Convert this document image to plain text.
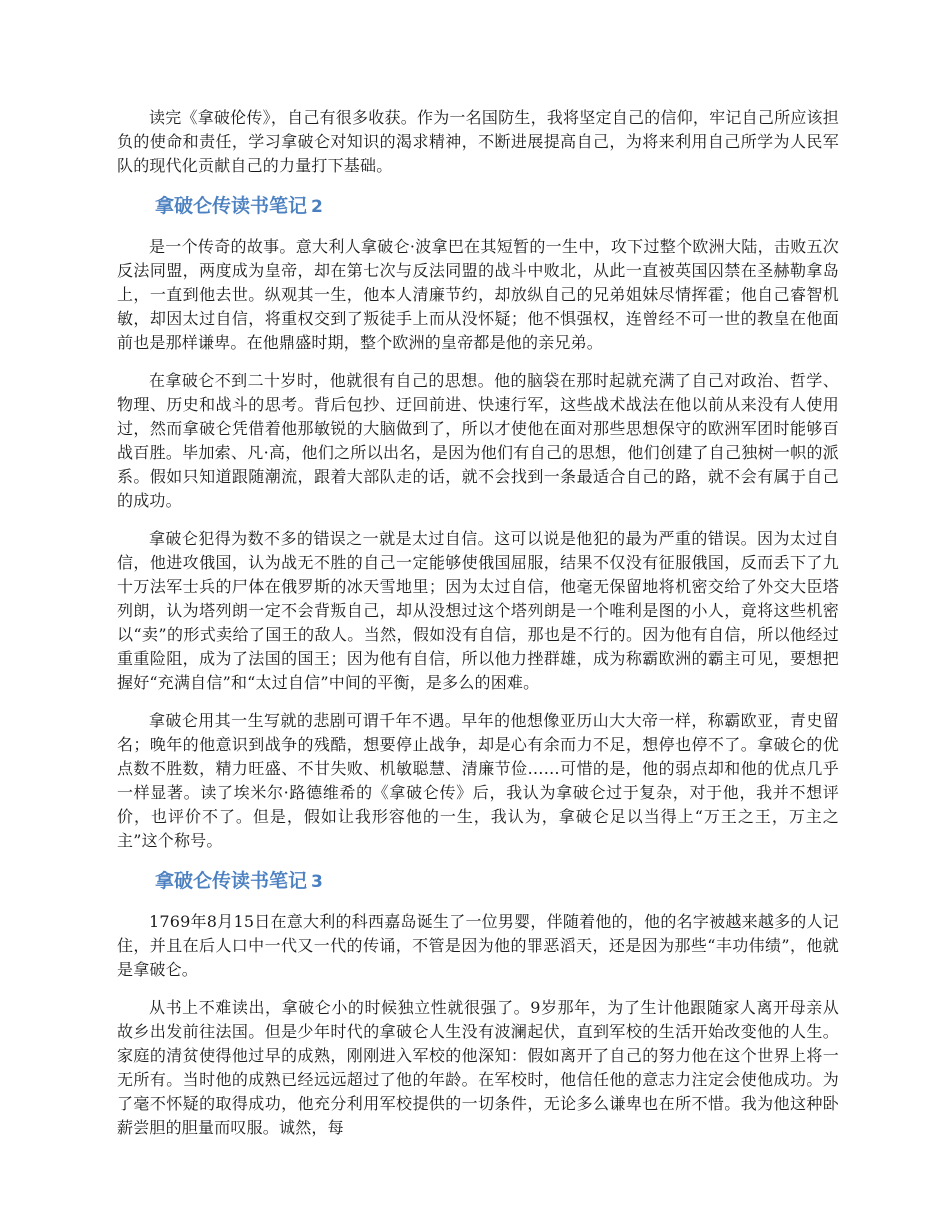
读完《拿破伦传》，自己有很多收获。作为一名国防生，我将坚定自己的信仰，牢记自己所应该担负的使命和责任，学习拿破仑对知识的渴求精神，不断进展提高自己，为将来利用自己所学为人民军队的现代化贡献自己的力量打下基础。

拿破仑传读书笔记 2

是一个传奇的故事。意大利人拿破仑·波拿巴在其短暂的一生中，攻下过整个欧洲大陆，击败五次反法同盟，两度成为皇帝，却在第七次与反法同盟的战斗中败北，从此一直被英国囚禁在圣赫勒拿岛上，一直到他去世。纵观其一生，他本人清廉节约，却放纵自己的兄弟姐妹尽情挥霍；他自己睿智机敏，却因太过自信，将重权交到了叛徒手上而从没怀疑；他不惧强权，连曾经不可一世的教皇在他面前也是那样谦卑。在他鼎盛时期，整个欧洲的皇帝都是他的亲兄弟。

在拿破仑不到二十岁时，他就很有自己的思想。他的脑袋在那时起就充满了自己对政治、哲学、物理、历史和战斗的思考。背后包抄、迂回前进、快速行军，这些战术战法在他以前从来没有人使用过，然而拿破仑凭借着他那敏锐的大脑做到了，所以才使他在面对那些思想保守的欧洲军团时能够百战百胜。毕加索、凡·高，他们之所以出名，是因为他们有自己的思想，他们创建了自己独树一帜的派系。假如只知道跟随潮流，跟着大部队走的话，就不会找到一条最适合自己的路，就不会有属于自己的成功。

拿破仑犯得为数不多的错误之一就是太过自信。这可以说是他犯的最为严重的错误。因为太过自信，他进攻俄国，认为战无不胜的自己一定能够使俄国屈服，结果不仅没有征服俄国，反而丢下了九十万法军士兵的尸体在俄罗斯的冰天雪地里；因为太过自信，他毫无保留地将机密交给了外交大臣塔列朗，认为塔列朗一定不会背叛自己，却从没想过这个塔列朗是一个唯利是图的小人，竟将这些机密以“卖”的形式卖给了国王的敌人。当然，假如没有自信，那也是不行的。因为他有自信，所以他经过重重险阻，成为了法国的国王；因为他有自信，所以他力挫群雄，成为称霸欧洲的霸主可见，要想把握好“充满自信”和“太过自信”中间的平衡，是多么的困难。

拿破仑用其一生写就的悲剧可谓千年不遇。早年的他想像亚历山大大帝一样，称霸欧亚，青史留名；晚年的他意识到战争的残酷，想要停止战争，却是心有余而力不足，想停也停不了。拿破仑的优点数不胜数，精力旺盛、不甘失败、机敏聪慧、清廉节俭……可惜的是，他的弱点却和他的优点几乎一样显著。读了埃米尔·路德维希的《拿破仑传》后，我认为拿破仑过于复杂，对于他，我并不想评价，也评价不了。但是，假如让我形容他的一生，我认为，拿破仑足以当得上“万王之王，万主之主”这个称号。

拿破仑传读书笔记 3

1769年8月15日在意大利的科西嘉岛诞生了一位男婴，伴随着他的，他的名字被越来越多的人记住，并且在后人口中一代又一代的传诵，不管是因为他的罪恶滔天，还是因为那些“丰功伟绩”，他就是拿破仑。

从书上不难读出，拿破仑小的时候独立性就很强了。9岁那年，为了生计他跟随家人离开母亲从故乡出发前往法国。但是少年时代的拿破仑人生没有波澜起伏，直到军校的生活开始改变他的人生。家庭的清贫使得他过早的成熟，刚刚进入军校的他深知：假如离开了自己的努力他在这个世界上将一无所有。当时他的成熟已经远远超过了他的年龄。在军校时，他信任他的意志力注定会使他成功。为了毫不怀疑的取得成功，他充分利用军校提供的一切条件，无论多么谦卑也在所不惜。我为他这种卧薪尝胆的胆量而叹服。诚然，每
